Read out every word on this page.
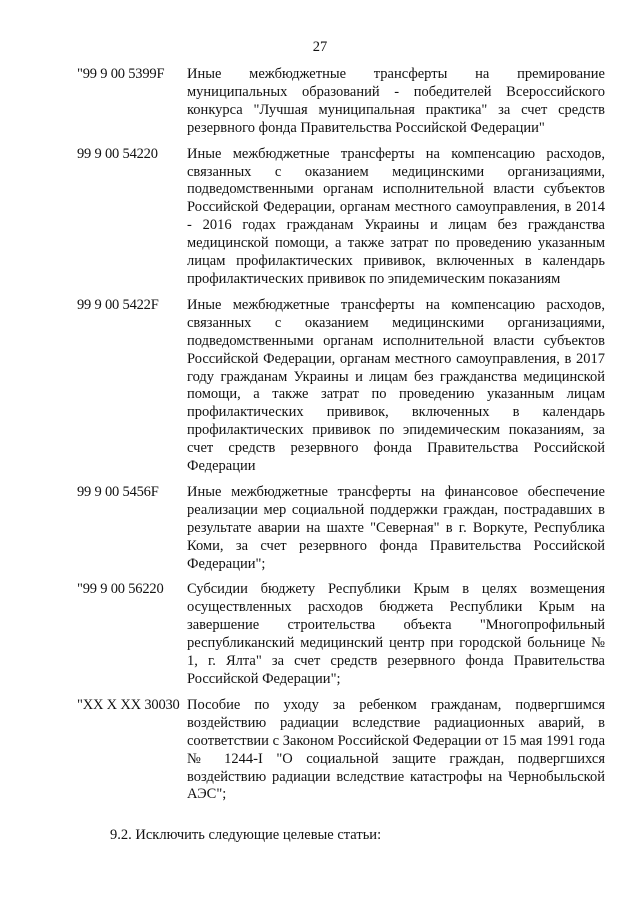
27
"99 9 00 5399F	Иные межбюджетные трансферты на премирование муниципальных образований - победителей Всероссийского конкурса "Лучшая муниципальная практика" за счет средств резервного фонда Правительства Российской Федерации"
99 9 00 54220	Иные межбюджетные трансферты на компенсацию расходов, связанных с оказанием медицинскими организациями, подведомственными органам исполнительной власти субъектов Российской Федерации, органам местного самоуправления, в 2014 - 2016 годах гражданам Украины и лицам без гражданства медицинской помощи, а также затрат по проведению указанным лицам профилактических прививок, включенных в календарь профилактических прививок по эпидемическим показаниям
99 9 00 5422F	Иные межбюджетные трансферты на компенсацию расходов, связанных с оказанием медицинскими организациями, подведомственными органам исполнительной власти субъектов Российской Федерации, органам местного самоуправления, в 2017 году гражданам Украины и лицам без гражданства медицинской помощи, а также затрат по проведению указанным лицам профилактических прививок, включенных в календарь профилактических прививок по эпидемическим показаниям, за счет средств резервного фонда Правительства Российской Федерации
99 9 00 5456F	Иные межбюджетные трансферты на финансовое обеспечение реализации мер социальной поддержки граждан, пострадавших в результате аварии на шахте "Северная" в г. Воркуте, Республика Коми, за счет резервного фонда Правительства Российской Федерации";
"99 9 00 56220	Субсидии бюджету Республики Крым в целях возмещения осуществленных расходов бюджета Республики Крым на завершение строительства объекта "Многопрофильный республиканский медицинский центр при городской больнице № 1, г. Ялта" за счет средств резервного фонда Правительства Российской Федерации";
"XX X XX 30030 Пособие по уходу за ребенком гражданам, подвергшимся воздействию радиации вследствие радиационных аварий, в соответствии с Законом Российской Федерации от 15 мая 1991 года № 1244-I "О социальной защите граждан, подвергшихся воздействию радиации вследствие катастрофы на Чернобыльской АЭС";
9.2. Исключить следующие целевые статьи:
